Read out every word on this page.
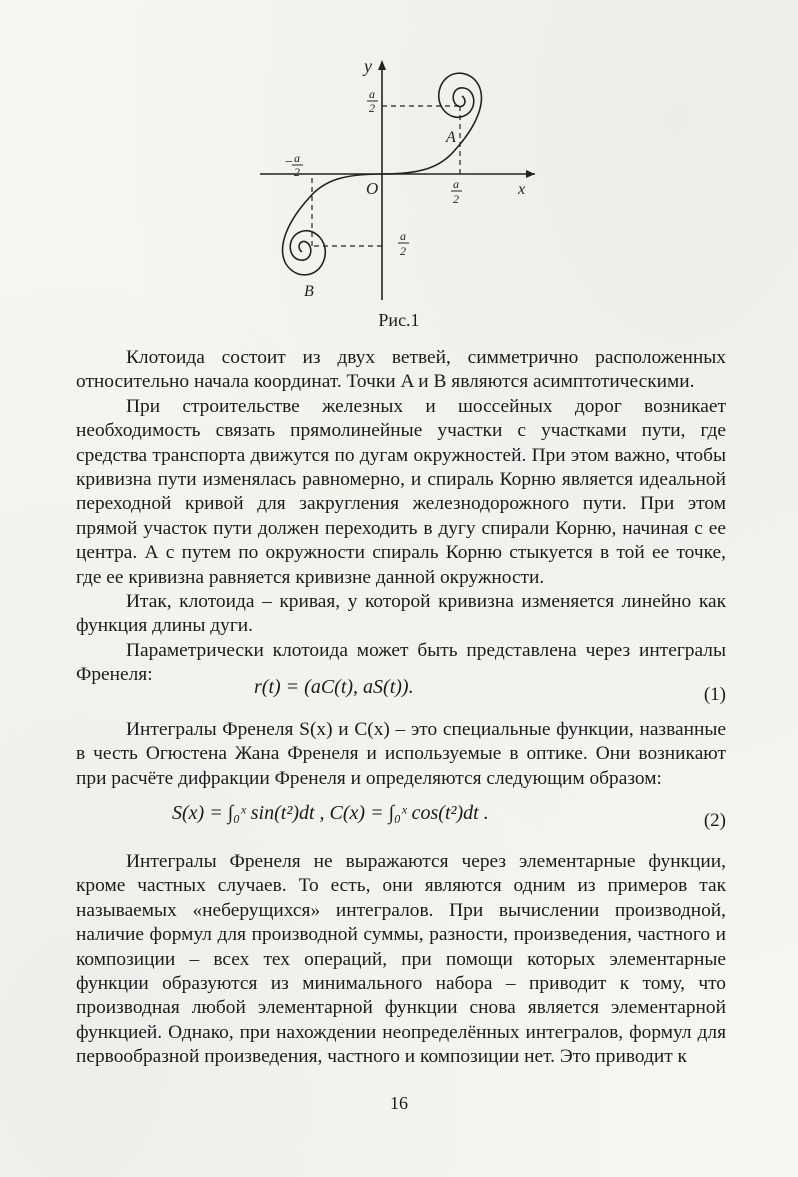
y
x
O
A
B
a
2
a
−
2
a
2
a
2
Рис.1

Клотоида состоит из двух ветвей, симметрично расположенных относительно начала координат. Точки A и B являются асимптотическими.

При строительстве железных и шоссейных дорог возникает необходимость связать прямолинейные участки с участками пути, где средства транспорта движутся по дугам окружностей. При этом важно, чтобы кривизна пути изменялась равномерно, и спираль Корню является идеальной переходной кривой для закругления железнодорожного пути. При этом прямой участок пути должен переходить в дугу спирали Корню, начиная с ее центра. А с путем по окружности спираль Корню стыкуется в той ее точке, где ее кривизна равняется кривизне данной окружности.

Итак, клотоида – кривая, у которой кривизна изменяется линейно как функция длины дуги.

Параметрически клотоида может быть представлена через интегралы Френеля:

r(t) = (aC(t), aS(t)).	(1)

Интегралы Френеля S(x) и C(x) – это специальные функции, названные в честь Огюстена Жана Френеля и используемые в оптике. Они возникают при расчёте дифракции Френеля и определяются следующим образом:

S(x) = ∫₀ˣ sin(t²)dt , C(x) = ∫₀ˣ cos(t²)dt .	(2)

Интегралы Френеля не выражаются через элементарные функции, кроме частных случаев. То есть, они являются одним из примеров так называемых «неберущихся» интегралов. При вычислении производной, наличие формул для производной суммы, разности, произведения, частного и композиции – всех тех операций, при помощи которых элементарные функции образуются из минимального набора – приводит к тому, что производная любой элементарной функции снова является элементарной функцией. Однако, при нахождении неопределённых интегралов, формул для первообразной произведения, частного и композиции нет. Это приводит к

16
